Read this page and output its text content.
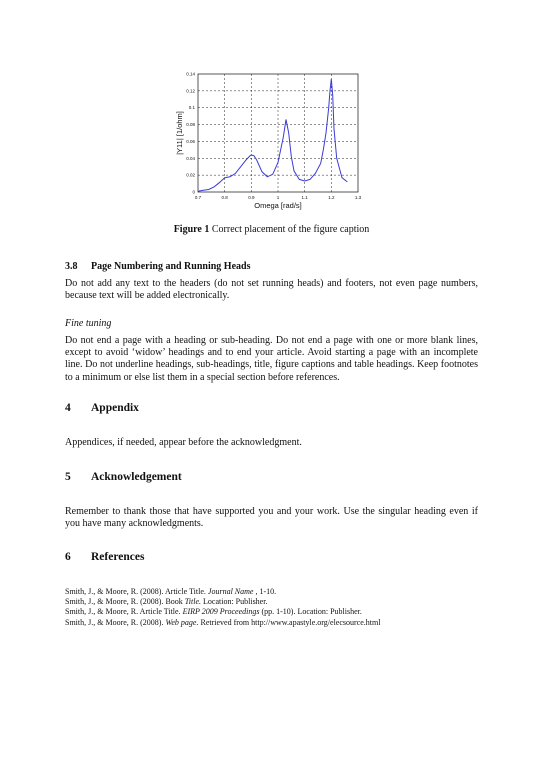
0.7	0.8	0.9	1	1.1	1.2	1.3
0
0.02
0.04
0.06
0.08
0.1
0.12
0.14
Omega [rad/s]
|Y11| [1/ohm]
Figure 1 Correct placement of the figure caption
3.8 Page Numbering and Running Heads
Do not add any text to the headers (do not set running heads) and footers, not even page numbers, because text will be added electronically.
Fine tuning
Do not end a page with a heading or sub-heading. Do not end a page with one or more blank lines, except to avoid ‘widow’ headings and to end your article. Avoid starting a page with an incomplete line. Do not underline headings, sub-headings, title, figure captions and table headings. Keep footnotes to a minimum or else list them in a special section before references.
4 Appendix
Appendices, if needed, appear before the acknowledgment.
5 Acknowledgement
Remember to thank those that have supported you and your work. Use the singular heading even if you have many acknowledgments.
6 References
Smith, J., & Moore, R. (2008). Article Title. Journal Name , 1-10.
Smith, J., & Moore, R. (2008). Book Title. Location: Publisher.
Smith, J., & Moore, R. Article Title. EIRP 2009 Proceedings (pp. 1-10). Location: Publisher.
Smith, J., & Moore, R. (2008). Web page. Retrieved from http://www.apastyle.org/elecsource.html
